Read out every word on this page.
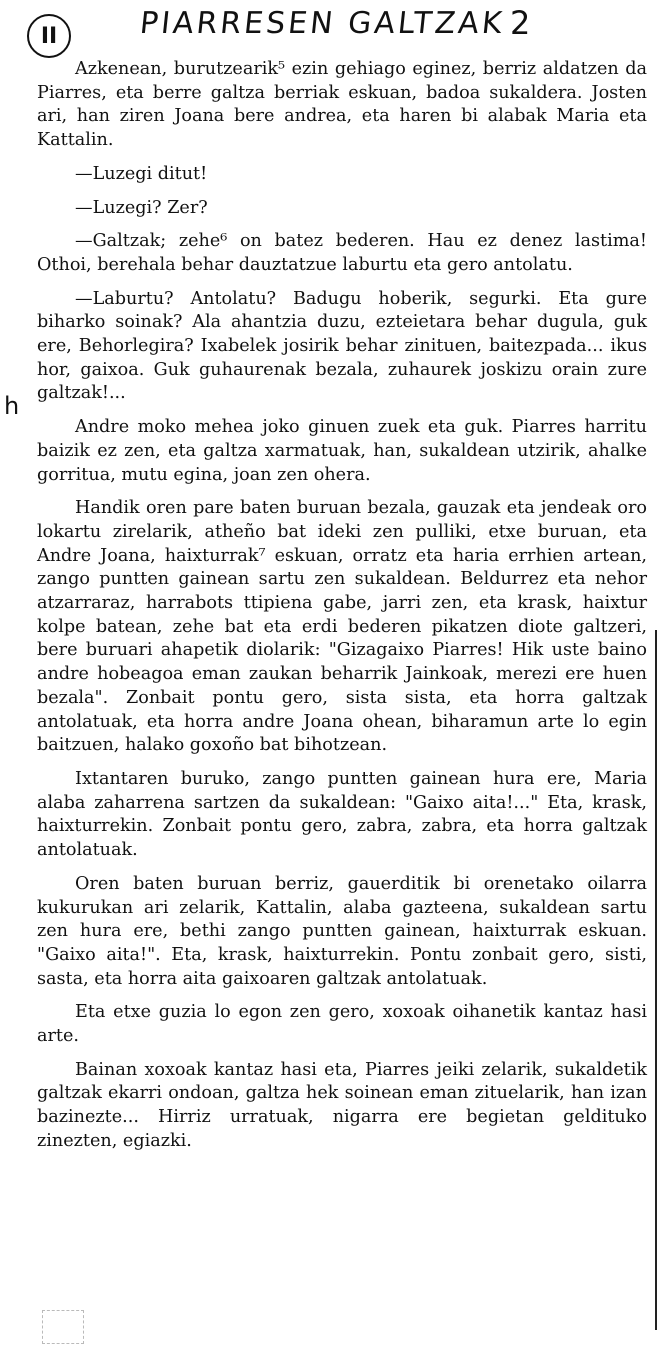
II	PIARRESEN GALTZAK 2
h

Azkenean, burutzearik⁵ ezin gehiago eginez, berriz aldatzen da Piarres, eta berre galtza berriak eskuan, badoa sukaldera. Josten ari, han ziren Joana bere andrea, eta haren bi alabak Maria eta Kattalin.

—Luzegi ditut!

—Luzegi? Zer?

—Galtzak; zehe⁶ on batez bederen. Hau ez denez lastima! Othoi, berehala behar dauztatzue laburtu eta gero antolatu.

—Laburtu? Antolatu? Badugu hoberik, segurki. Eta gure biharko soinak? Ala ahantzia duzu, ezteietara behar dugula, guk ere, Behorlegira? Ixabelek josirik behar zinituen, baitezpada... ikus hor, gaixoa. Guk guhaurenak bezala, zuhaurek joskizu orain zure galtzak!...

Andre moko mehea joko ginuen zuek eta guk. Piarres harritu baizik ez zen, eta galtza xarmatuak, han, sukaldean utzirik, ahalke gorritua, mutu egina, joan zen ohera.

Handik oren pare baten buruan bezala, gauzak eta jendeak oro lokartu zirelarik, atheño bat ideki zen pulliki, etxe buruan, eta Andre Joana, haixturrak⁷ eskuan, orratz eta haria errhien artean, zango puntten gainean sartu zen sukaldean. Beldurrez eta nehor atzarraraz, harrabots ttipiena gabe, jarri zen, eta krask, haixtur kolpe batean, zehe bat eta erdi bederen pikatzen diote galtzeri, bere buruari ahapetik diolarik: "Gizagaixo Piarres! Hik uste baino andre hobeagoa eman zaukan beharrik Jainkoak, merezi ere huen bezala". Zonbait pontu gero, sista sista, eta horra galtzak antolatuak, eta horra andre Joana ohean, biharamun arte lo egin baitzuen, halako goxoño bat bihotzean.

Ixtantaren buruko, zango puntten gainean hura ere, Maria alaba zaharrena sartzen da sukaldean: "Gaixo aita!..." Eta, krask, haixturrekin. Zonbait pontu gero, zabra, zabra, eta horra galtzak antolatuak.

Oren baten buruan berriz, gauerditik bi orenetako oilarra kukurukan ari zelarik, Kattalin, alaba gazteena, sukaldean sartu zen hura ere, bethi zango puntten gainean, haixturrak eskuan. "Gaixo aita!". Eta, krask, haixturrekin. Pontu zonbait gero, sisti, sasta, eta horra aita gaixoaren galtzak antolatuak.

Eta etxe guzia lo egon zen gero, xoxoak oihanetik kantaz hasi arte.

Bainan xoxoak kantaz hasi eta, Piarres jeiki zelarik, sukaldetik galtzak ekarri ondoan, galtza hek soinean eman zituelarik, han izan bazinezte... Hirriz urratuak, nigarra ere begietan gelditukо zinezten, egiazki.
